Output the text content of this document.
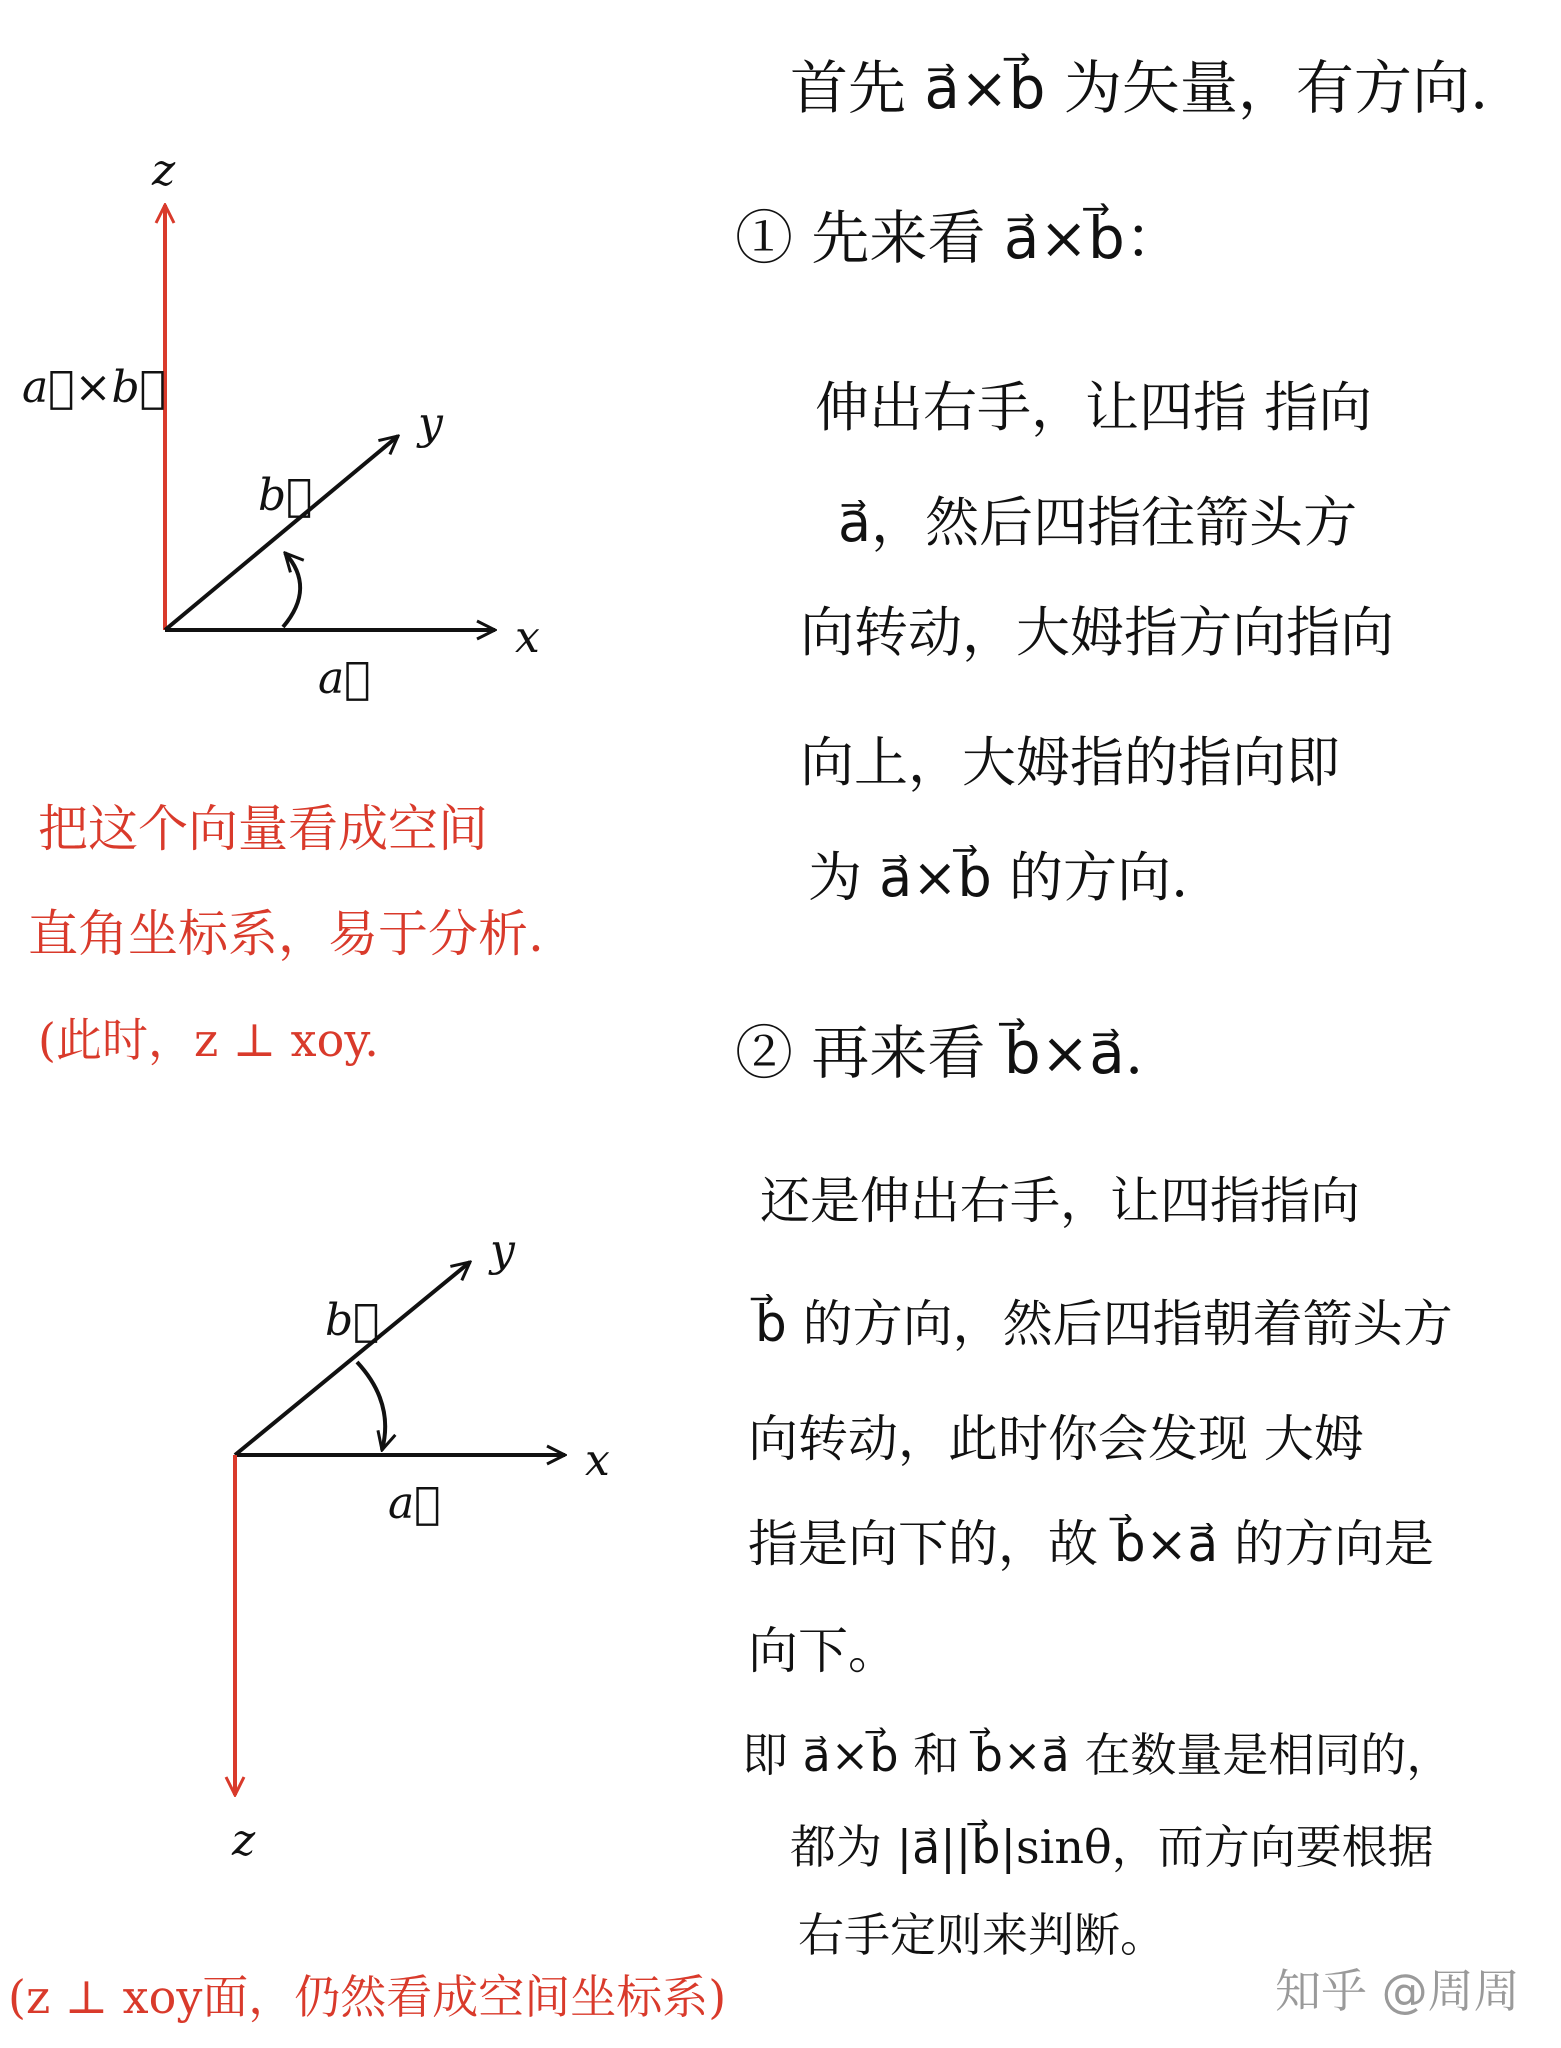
z
y
x
a⃗
b⃗
a⃗×b⃗
y
x
z
a⃗
b⃗

首先 a⃗×b⃗ 为矢量，有方向.

① 先来看 a⃗×b⃗：

伸出右手，让四指 指向

a⃗，然后四指往箭头方

向转动，大姆指方向指向

向上，大姆指的指向即

为 a⃗×b⃗ 的方向.

② 再来看 b⃗×a⃗.

还是伸出右手，让四指指向

b⃗ 的方向，然后四指朝着箭头方

向转动，此时你会发现 大姆

指是向下的，故 b⃗×a⃗ 的方向是

向下。

即 a⃗×b⃗ 和 b⃗×a⃗ 在数量是相同的，

都为 |a⃗||b⃗|sinθ，而方向要根据

右手定则来判断。

把这个向量看成空间

直角坐标系，易于分析.

(此时，z ⊥ xoy.

(z ⊥ xoy面，仍然看成空间坐标系)	知乎 @周周
